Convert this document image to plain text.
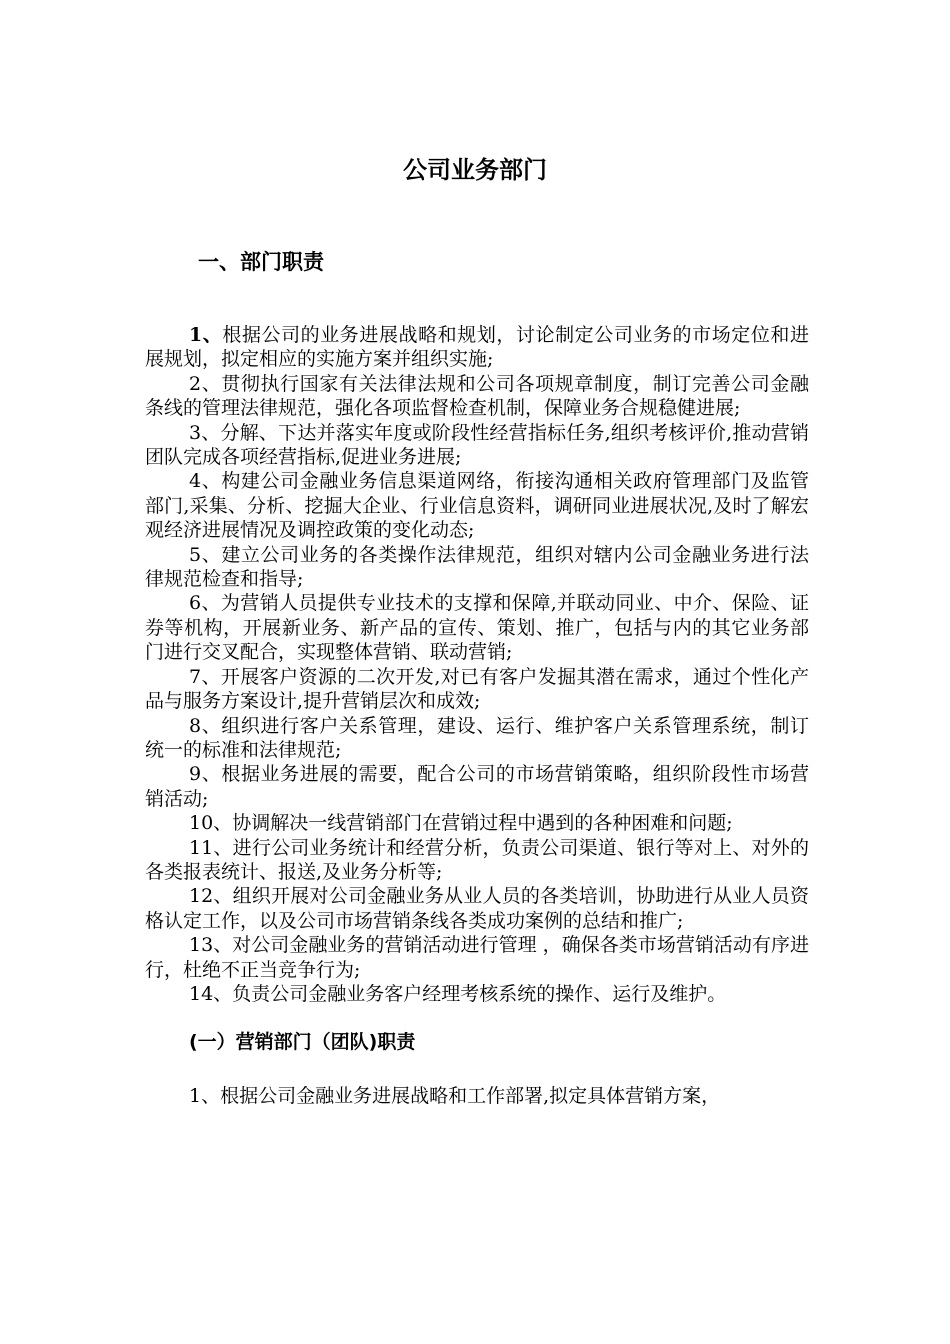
公司业务部门
一、部门职责

1、根据公司的业务进展战略和规划，讨论制定公司业务的市场定位和进展规划，拟定相应的实施方案并组织实施;

2、贯彻执行国家有关法律法规和公司各项规章制度，制订完善公司金融条线的管理法律规范，强化各项监督检查机制，保障业务合规稳健进展;

3、分解、下达并落实年度或阶段性经营指标任务,组织考核评价,推动营销团队完成各项经营指标,促进业务进展;

4、构建公司金融业务信息渠道网络，衔接沟通相关政府管理部门及监管部门,采集、分析、挖掘大企业、行业信息资料，调研同业进展状况,及时了解宏观经济进展情况及调控政策的变化动态;

5、建立公司业务的各类操作法律规范，组织对辖内公司金融业务进行法律规范检查和指导;

6、为营销人员提供专业技术的支撑和保障,并联动同业、中介、保险、证券等机构，开展新业务、新产品的宣传、策划、推广，包括与内的其它业务部门进行交叉配合，实现整体营销、联动营销;

7、开展客户资源的二次开发,对已有客户发掘其潜在需求，通过个性化产品与服务方案设计,提升营销层次和成效;

8、组织进行客户关系管理，建设、运行、维护客户关系管理系统，制订统一的标准和法律规范;

9、根据业务进展的需要，配合公司的市场营销策略，组织阶段性市场营销活动;

10、协调解决一线营销部门在营销过程中遇到的各种困难和问题;

11、进行公司业务统计和经营分析，负责公司渠道、银行等对上、对外的各类报表统计、报送,及业务分析等;

12、组织开展对公司金融业务从业人员的各类培训，协助进行从业人员资格认定工作，以及公司市场营销条线各类成功案例的总结和推广;

13、对公司金融业务的营销活动进行管理 ，确保各类市场营销活动有序进行，杜绝不正当竞争行为;

14、负责公司金融业务客户经理考核系统的操作、运行及维护。

(一）营销部门（团队)职责

1、根据公司金融业务进展战略和工作部署,拟定具体营销方案，
